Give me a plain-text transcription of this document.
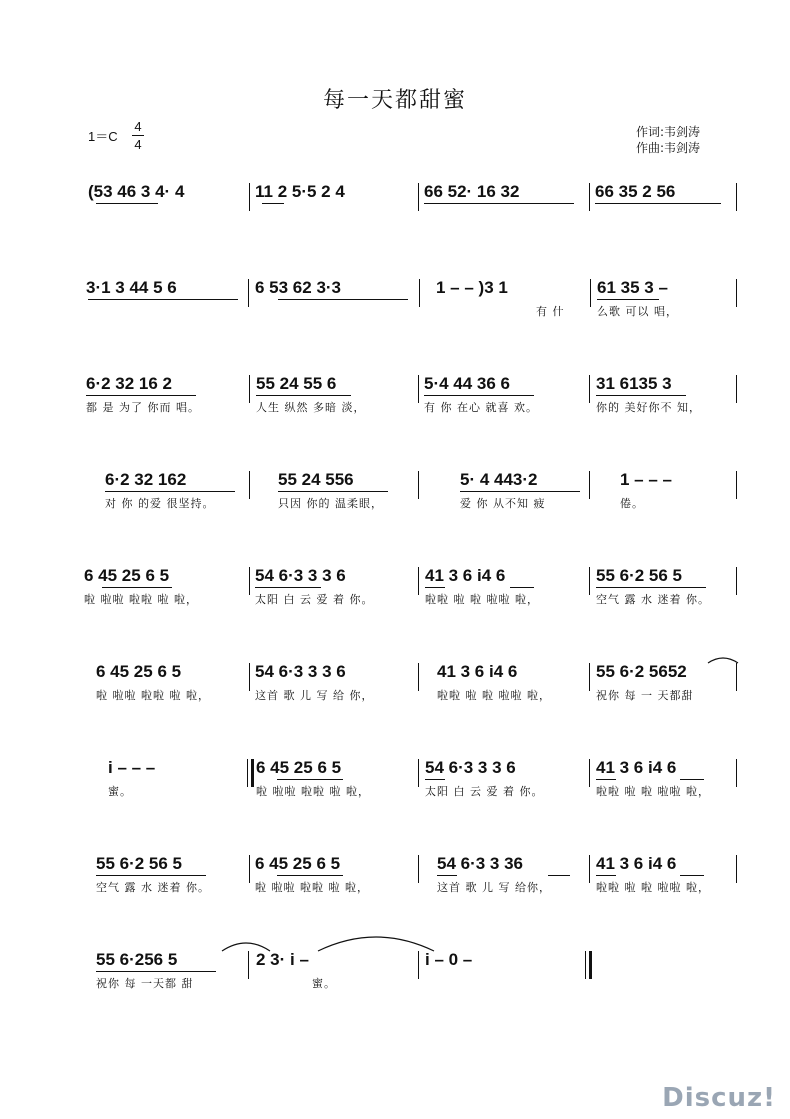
每一天都甜蜜
1＝C
4
4
作词:韦剑涛
作曲:韦剑涛
(53 46 3 4· 4	11 2 5·5 2 4	66 52· 16 32	66 35 2 56
3·1 3 44 5 6	6 53 62 3·3	1 – – )3 1
有 什
61 35 3 –
么歌 可以 唱，
6·2 32 16 2
都 是 为了 你而 唱。
55 24 55 6
人生 纵然 多暗 淡，
5·4 44 36 6
有 你 在心 就喜 欢。
31 6135 3
你的 美好你不 知，
6·2 32 162
对 你 的爱 很坚持。
55 24 556
只因 你的 温柔眼，
5· 4 443·2
爱 你 从不知 疲
1 – – –
倦。
6 45 25 6 5
啦 啦啦 啦啦 啦 啦，
54 6·3 3 3 6
太阳 白 云 爱 着 你。
41 3 6 i4 6
啦啦 啦 啦 啦啦 啦，
55 6·2 56 5
空气 露 水 迷着 你。
6 45 25 6 5
啦 啦啦 啦啦 啦 啦，
54 6·3 3 3 6
这首 歌 儿 写 给 你，
41 3 6 i4 6
啦啦 啦 啦 啦啦 啦，
55 6·2 5652
祝你 每 一 天都甜
i – – –
蜜。
6 45 25 6 5
啦 啦啦 啦啦 啦 啦，
54 6·3 3 3 6
太阳 白 云 爱 着 你。
41 3 6 i4 6
啦啦 啦 啦 啦啦 啦，
55 6·2 56 5
空气 露 水 迷着 你。
6 45 25 6 5
啦 啦啦 啦啦 啦 啦，
54 6·3 3 36
这首 歌 儿 写 给你，
41 3 6 i4 6
啦啦 啦 啦 啦啦 啦，
55 6·256 5
祝你 每 一天都 甜
2 3· i –
蜜。
i – 0 –
Discuz!
